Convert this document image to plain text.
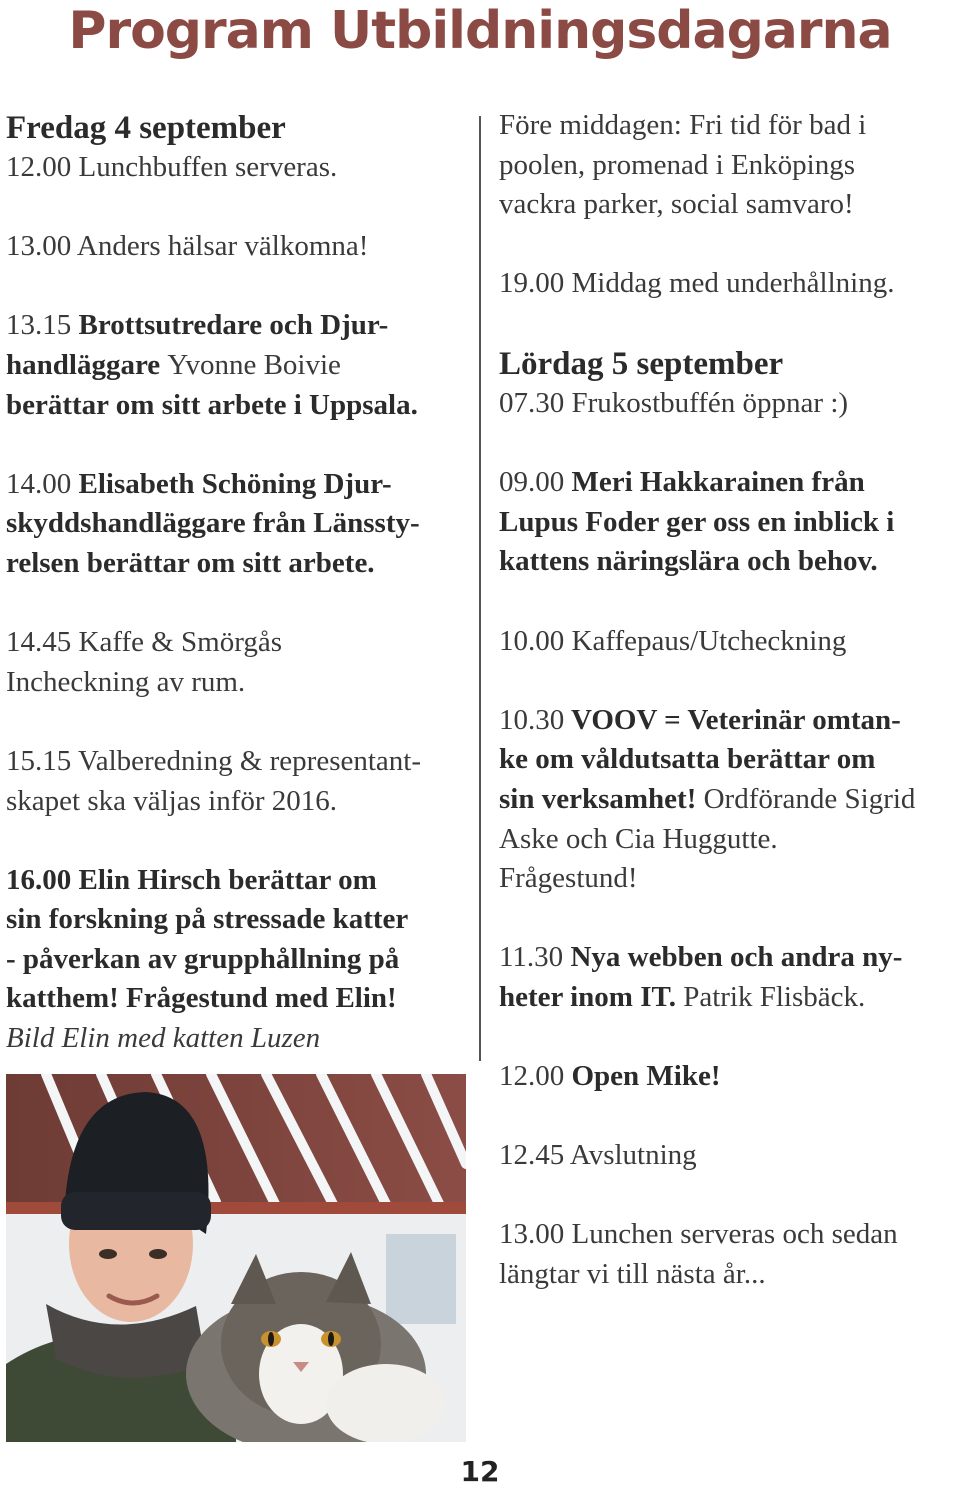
Program Utbildningsdagarna
Fredag 4 september
12.00 Lunchbuffen serveras.
13.00 Anders hälsar välkomna!
13.15 Brottsutredare och Djur-
handläggare Yvonne Boivie
berättar om sitt arbete i Uppsala.
14.00 Elisabeth Schöning Djur-
skyddshandläggare från Länssty-
relsen berättar om sitt arbete.
14.45 Kaffe & Smörgås
Incheckning av rum.
15.15 Valberedning & representant-
skapet ska väljas inför 2016.
16.00 Elin Hirsch berättar om
sin forskning på stressade katter
- påverkan av grupphållning på
katthem! Frågestund med Elin!
Bild Elin med katten Luzen
Före middagen: Fri tid för bad i
poolen, promenad i Enköpings
vackra parker, social samvaro!
19.00 Middag med underhållning.
Lördag 5 september
07.30 Frukostbuffén öppnar :)
09.00 Meri Hakkarainen från
Lupus Foder ger oss en inblick i
kattens näringslära och behov.
10.00 Kaffepaus/Utcheckning
10.30 VOOV = Veterinär omtan-
ke om våldutsatta berättar om
sin verksamhet! Ordförande Sigrid
Aske och Cia Huggutte.
Frågestund!
11.30 Nya webben och andra ny-
heter inom IT. Patrik Flisbäck.
12.00 Open Mike!
12.45 Avslutning
13.00 Lunchen serveras och sedan
längtar vi till nästa år...
12
